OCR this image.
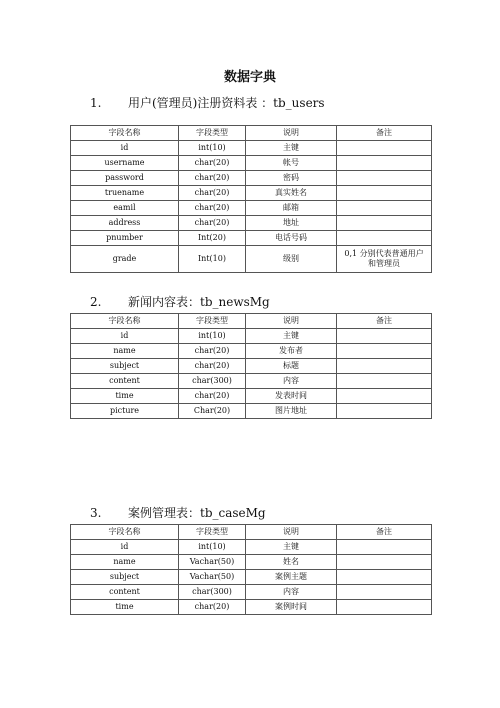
数据字典
1. 用户(管理员)注册资料表 ：tb_users
字段名称	字段类型	说明	备注
id	int(10)	主键	
username	char(20)	帐号	
password	char(20)	密码	
truename	char(20)	真实姓名	
eamil	char(20)	邮箱	
address	char(20)	地址	
pnumber	Int(20)	电话号码	
grade	Int(10)	级别	0,1 分别代表普通用户和管理员
2. 新闻内容表：tb_newsMg
字段名称	字段类型	说明	备注
id	int(10)	主键	
name	char(20)	发布者	
subject	char(20)	标题	
content	char(300)	内容	
time	char(20)	发表时间	
picture	Char(20)	图片地址	
3. 案例管理表：tb_caseMg
字段名称	字段类型	说明	备注
id	int(10)	主键	
name	Vachar(50)	姓名	
subject	Vachar(50)	案例主题	
content	char(300)	内容	
time	char(20)	案例时间	
